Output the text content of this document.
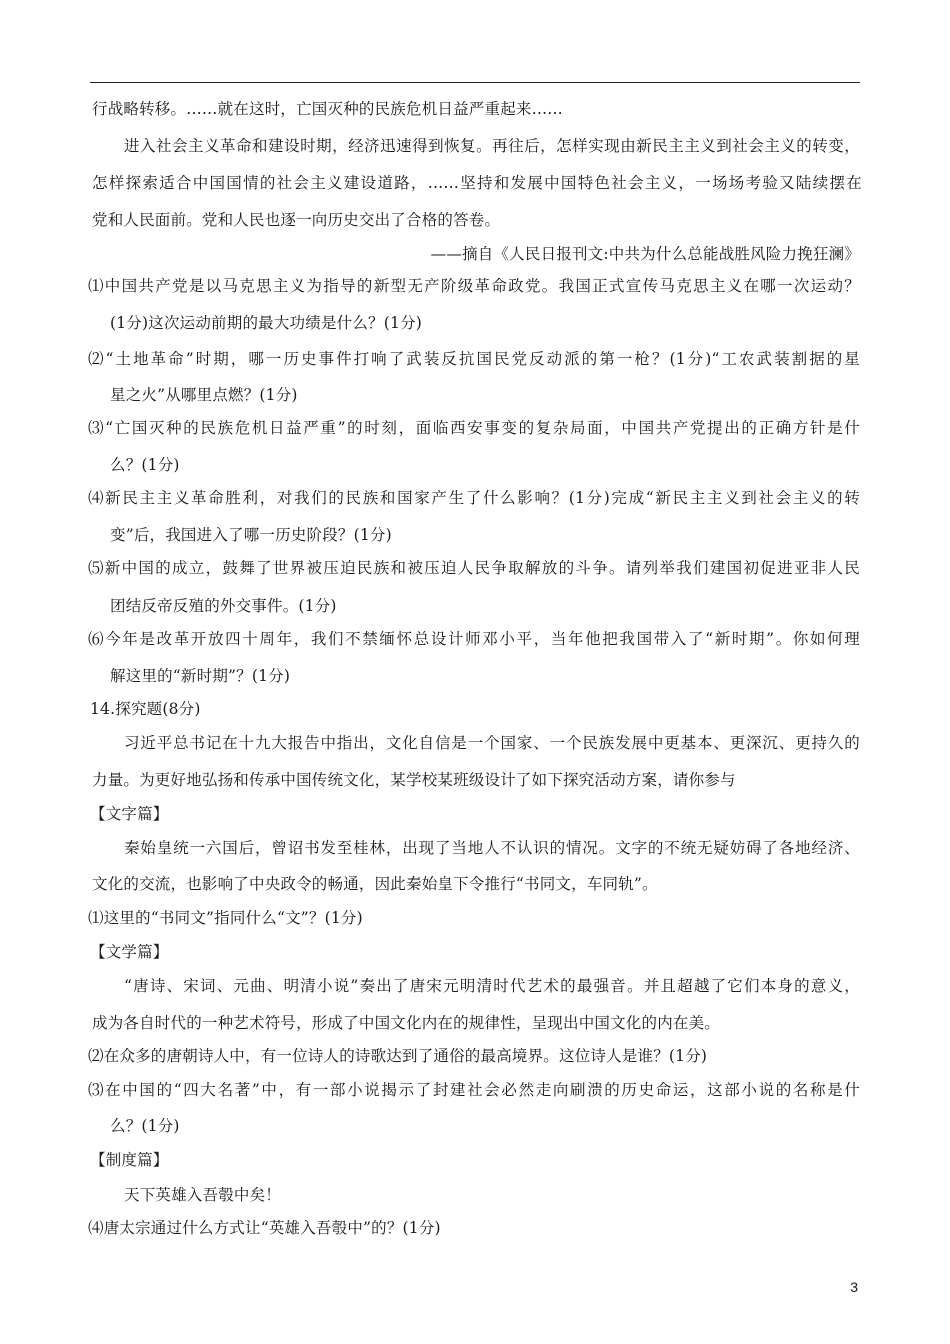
行战略转移。……就在这时，亡国灭种的民族危机日益严重起来……
进入社会主义革命和建设时期，经济迅速得到恢复。再往后，怎样实现由新民主主义到社会主义的转变，
怎样探索适合中国国情的社会主义建设道路，……坚持和发展中国特色社会主义，一场场考验又陆续摆在
党和人民面前。党和人民也逐一向历史交出了合格的答卷。
——摘自《人民日报刊文:中共为什么总能战胜风险力挽狂澜》
⑴中国共产党是以马克思主义为指导的新型无产阶级革命政党。我国正式宣传马克思主义在哪一次运动？
(1分)这次运动前期的最大功绩是什么？(1分)
⑵“土地革命”时期，哪一历史事件打响了武装反抗国民党反动派的第一枪？(1分)“工农武装割据的星
星之火”从哪里点燃？(1分)
⑶“亡国灭种的民族危机日益严重”的时刻，面临西安事变的复杂局面，中国共产党提出的正确方针是什
么？(1分)
⑷新民主主义革命胜利，对我们的民族和国家产生了什么影响？(1分)完成“新民主主义到社会主义的转
变”后，我国进入了哪一历史阶段？(1分)
⑸新中国的成立，鼓舞了世界被压迫民族和被压迫人民争取解放的斗争。请列举我们建国初促进亚非人民
团结反帝反殖的外交事件。(1分)
⑹今年是改革开放四十周年，我们不禁缅怀总设计师邓小平，当年他把我国带入了“新时期”。你如何理
解这里的“新时期”？(1分)
14.探究题(8分)
习近平总书记在十九大报告中指出，文化自信是一个国家、一个民族发展中更基本、更深沉、更持久的
力量。为更好地弘扬和传承中国传统文化，某学校某班级设计了如下探究活动方案，请你参与
【文字篇】
秦始皇统一六国后，曾诏书发至桂林，出现了当地人不认识的情况。文字的不统无疑妨碍了各地经济、
文化的交流，也影响了中央政令的畅通，因此秦始皇下令推行“书同文，车同轨”。
⑴这里的“书同文”指同什么“文”？(1分)
【文学篇】
“唐诗、宋词、元曲、明清小说”奏出了唐宋元明清时代艺术的最强音。并且超越了它们本身的意义，
成为各自时代的一种艺术符号，形成了中国文化内在的规律性，呈现出中国文化的内在美。
⑵在众多的唐朝诗人中，有一位诗人的诗歌达到了通俗的最高境界。这位诗人是谁？(1分)
⑶在中国的“四大名著”中，有一部小说揭示了封建社会必然走向刷溃的历史命运，这部小说的名称是什
么？(1分)
【制度篇】
天下英雄入吾彀中矣！
⑷唐太宗通过什么方式让“英雄入吾彀中”的？(1分)
3
